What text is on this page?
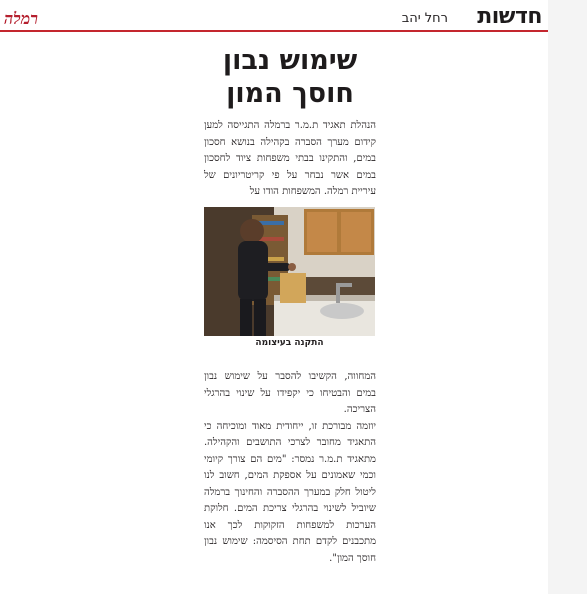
חדשות
רחל יהב
רמלה
שימוש נבון
חוסך המון

הנהלת תאגיד ת.מ.ר ברמלה התגייסה למען קידום מערך הסברה בקהילה בנושא חסכון במים, והתקינו בבתי משפחות ציוד לחסכון במים אשר נבחר על פי קריטריונים של עיריית רמלה. המשפחות הודו על

התקנה בעיצומה

המחווה, הקשיבו להסבר על שימוש נבון במים והבטיחו כי יקפידו על שינוי בהרגלי הצריכה.

יוזמה מבורכת זו, ייחודית מאוד ומוכיחה כי התאגיד מחובר לצרכי התושבים והקהילה. מתאגיד ת.מ.ר נמסר: "מים הם צורך קיומי וכמי שאמונים על אספקת המים, חשוב לנו ליטול חלק במערך ההסברה והחינוך ברמלה שיוביל לשינוי בהרגלי צריכת המים. חלוקת הערכות למשפחות הזקוקות לכך אנו מתכבנים לקדם תחת הסיסמה: שימוש נבון חוסך המון".
